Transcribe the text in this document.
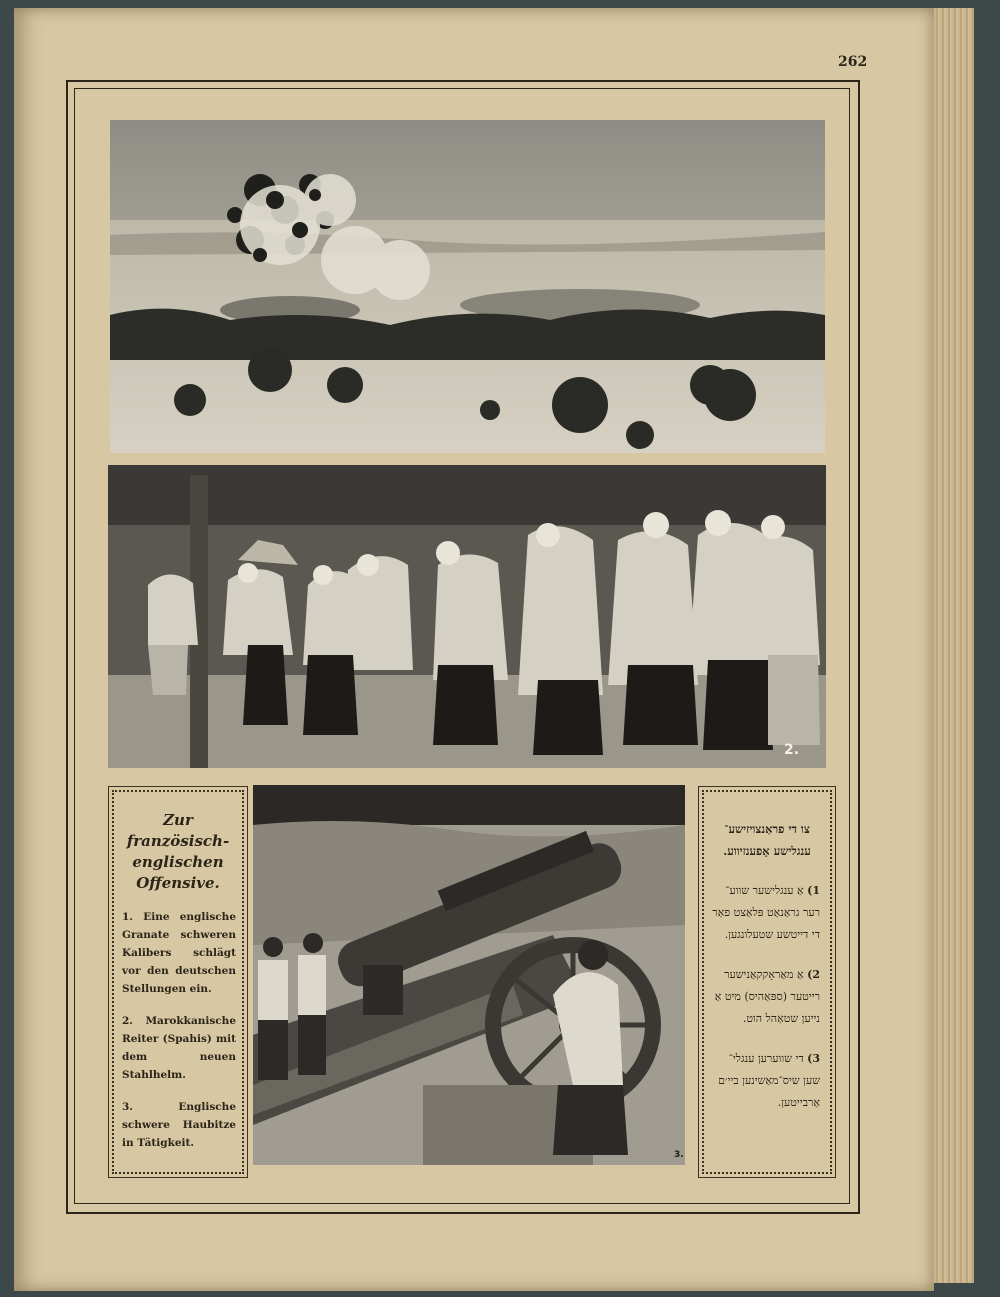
262
2.
3.
Zur französisch-englischen Offensive.
1. Eine englische Granate schweren Kalibers schlägt vor den deutschen Stellungen ein.
2. Marokkanische Reiter (Spahis) mit dem neuen Stahlhelm.
3.	Englische schwere Haubitze in Tätigkeit.
צו די פראַנצויזישע־ ענגלישע אָפענזיווע.
1) אַ ענגלישער שווע־ רער גראַנאַט פּלאַצט פאַר די דייטשע שטעלונגען.
2) אַ מאַראָקקאַנישער רייטער (ספּאַהיס) מיט אַ נייען שטאַהל הוט.
3) די שווערען ענגלי־ שען שיס־מאַשינען ביי׳ם אַרבייטען.
